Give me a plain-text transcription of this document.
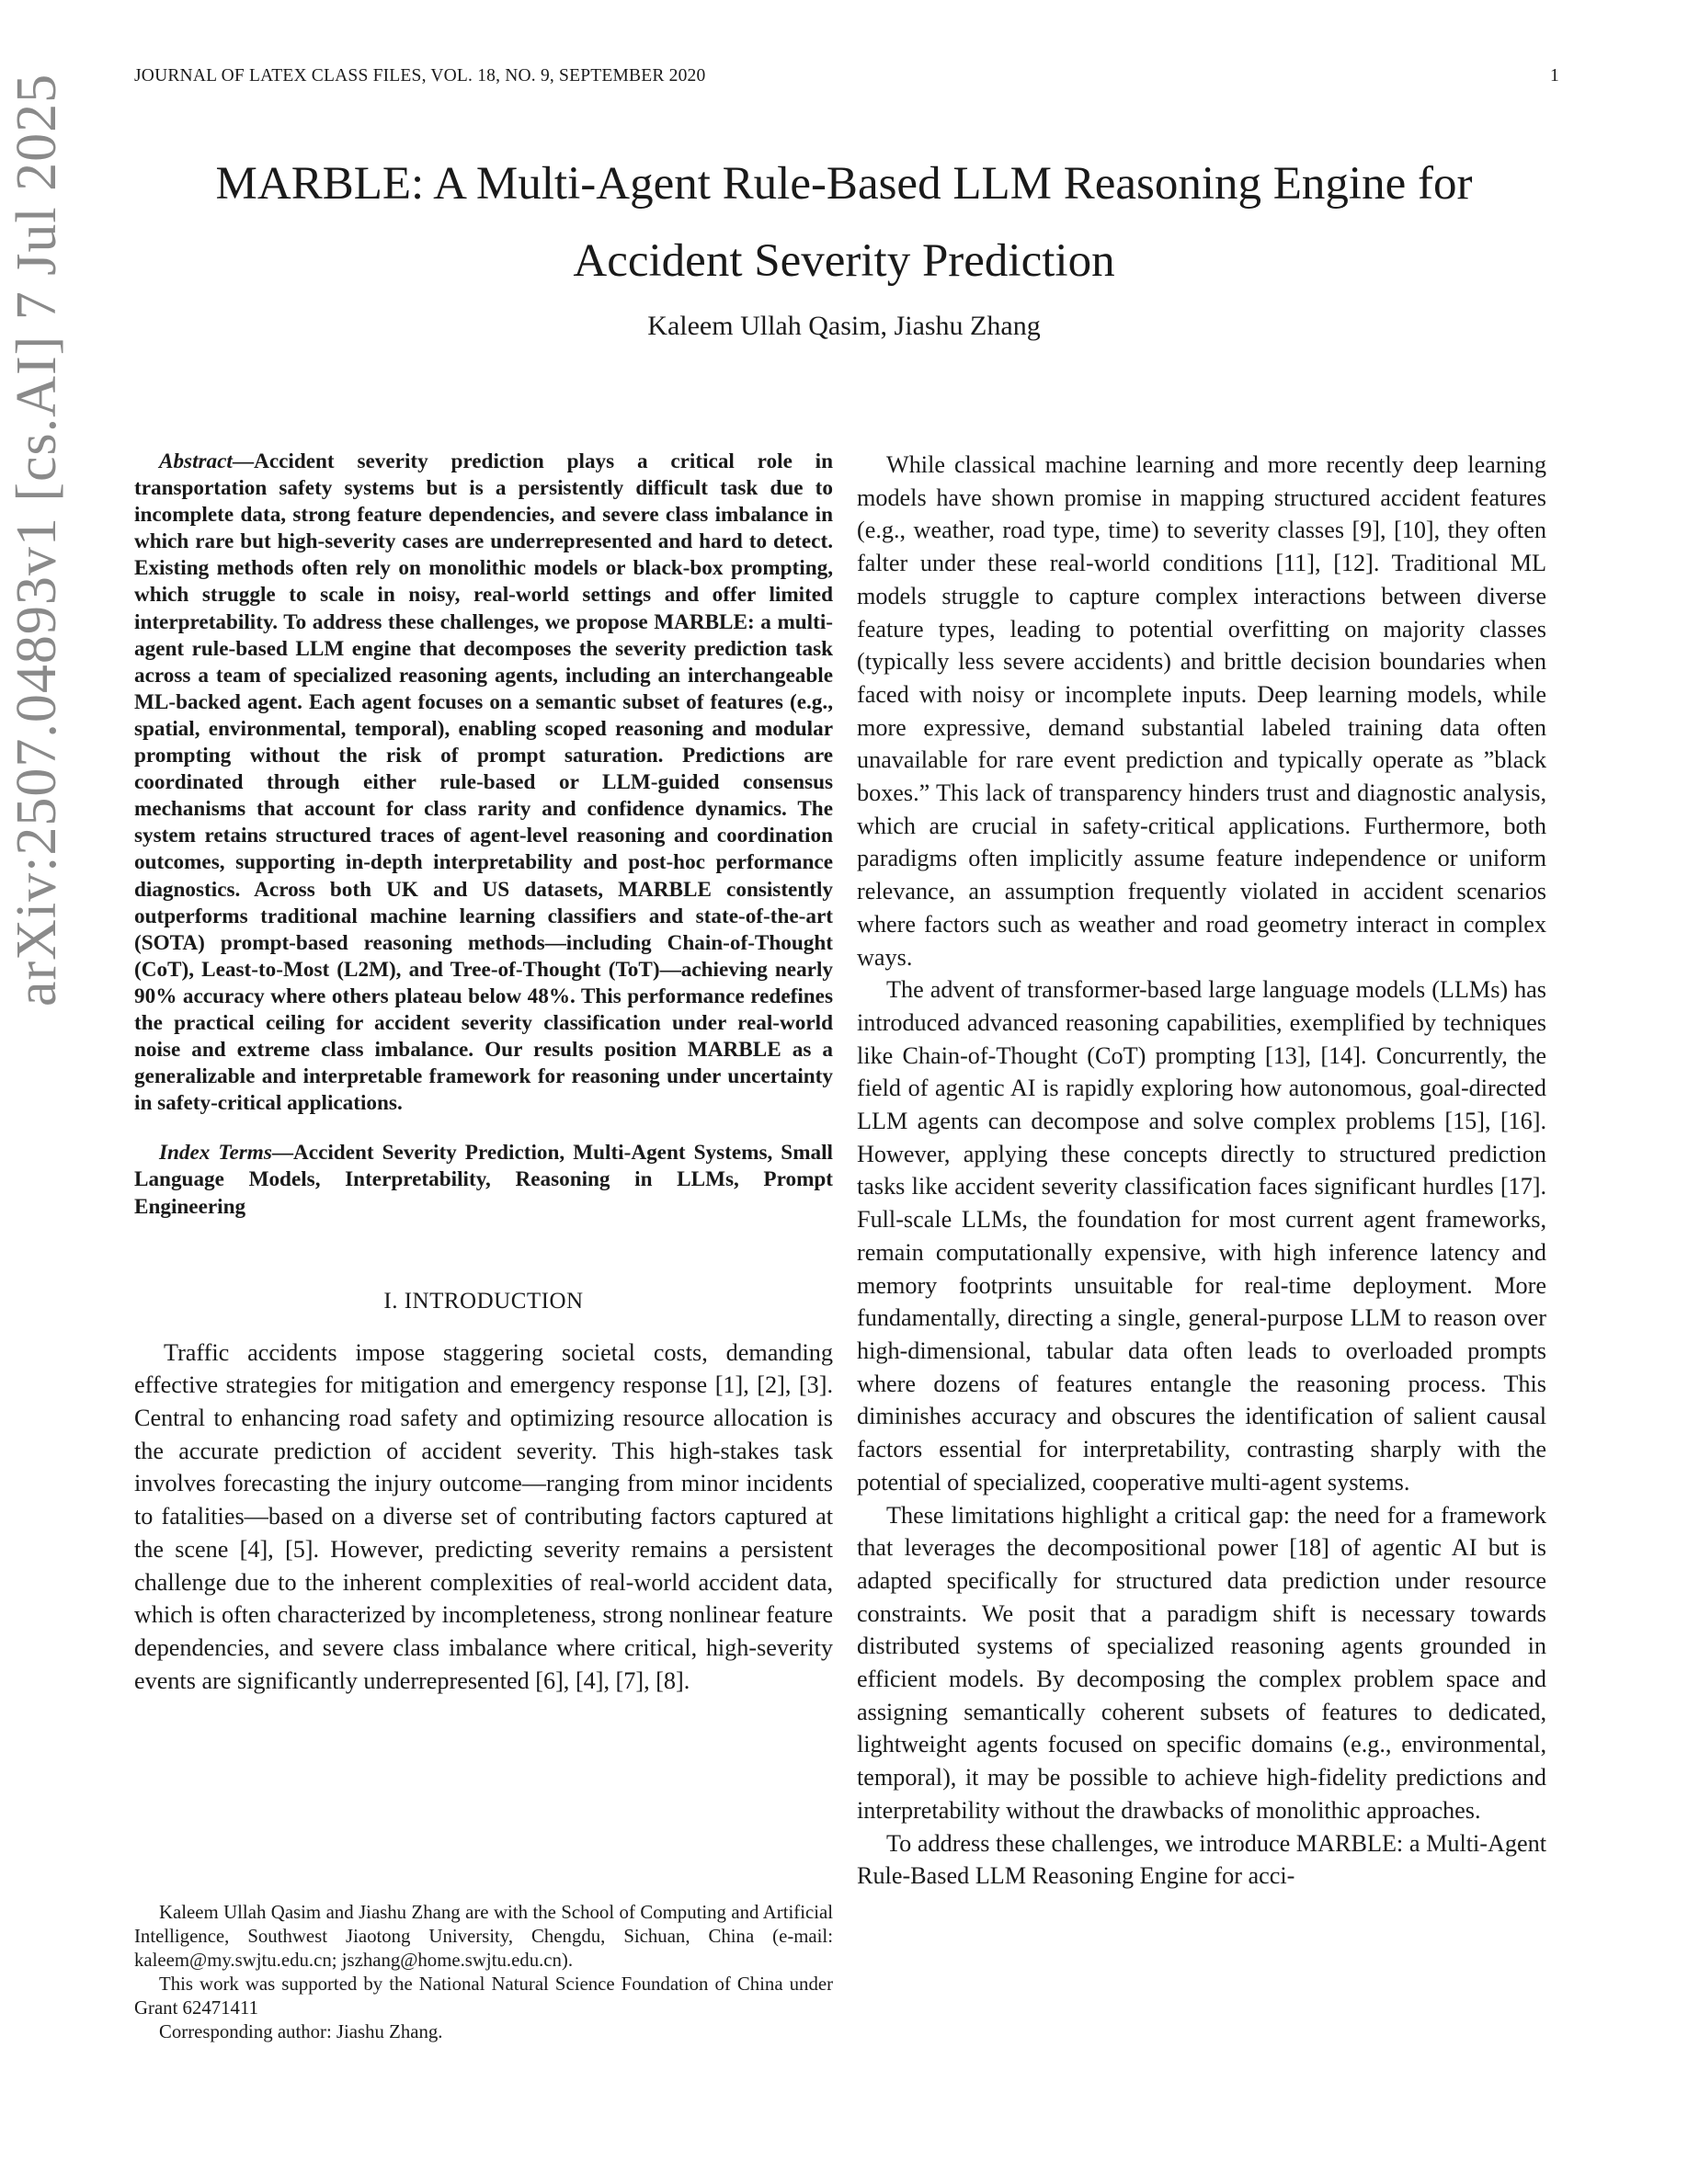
JOURNAL OF LATEX CLASS FILES, VOL. 18, NO. 9, SEPTEMBER 2020	1
MARBLE: A Multi-Agent Rule-Based LLM Reasoning Engine for Accident Severity Prediction
Kaleem Ullah Qasim, Jiashu Zhang
arXiv:2507.04893v1 [cs.AI] 7 Jul 2025	Abstract—Accident severity prediction plays a critical role in transportation safety systems but is a persistently difficult task due to incomplete data, strong feature dependencies, and severe class imbalance in which rare but high-severity cases are underrepresented and hard to detect. Existing methods often rely on monolithic models or black-box prompting, which struggle to scale in noisy, real-world settings and offer limited interpretability. To address these challenges, we propose MARBLE: a multi-agent rule-based LLM engine that decomposes the severity prediction task across a team of specialized reasoning agents, including an interchangeable ML-backed agent. Each agent focuses on a semantic subset of features (e.g., spatial, environmental, temporal), enabling scoped reasoning and modular prompting without the risk of prompt saturation. Predictions are coordinated through either rule-based or LLM-guided consensus mechanisms that account for class rarity and confidence dynamics. The system retains structured traces of agent-level reasoning and coordination outcomes, supporting in-depth interpretability and post-hoc performance diagnostics. Across both UK and US datasets, MARBLE consistently outperforms traditional machine learning classifiers and state-of-the-art (SOTA) prompt-based reasoning methods—including Chain-of-Thought (CoT), Least-to-Most (L2M), and Tree-of-Thought (ToT)—achieving nearly 90% accuracy where others plateau below 48%. This performance redefines the practical ceiling for accident severity classification under real-world noise and extreme class imbalance. Our results position MARBLE as a generalizable and interpretable framework for reasoning under uncertainty in safety-critical applications.

Index Terms—Accident Severity Prediction, Multi-Agent Systems, Small Language Models, Interpretability, Reasoning in LLMs, Prompt Engineering

I. INTRODUCTION

Traffic accidents impose staggering societal costs, demanding effective strategies for mitigation and emergency response [1], [2], [3]. Central to enhancing road safety and optimizing resource allocation is the accurate prediction of accident severity. This high-stakes task involves forecasting the injury outcome—ranging from minor incidents to fatalities—based on a diverse set of contributing factors captured at the scene [4], [5]. However, predicting severity remains a persistent challenge due to the inherent complexities of real-world accident data, which is often characterized by incompleteness, strong nonlinear feature dependencies, and severe class imbalance where critical, high-severity events are significantly underrepresented [6], [4], [7], [8].

Kaleem Ullah Qasim and Jiashu Zhang are with the School of Computing and Artificial Intelligence, Southwest Jiaotong University, Chengdu, Sichuan, China (e-mail: kaleem@my.swjtu.edu.cn; jszhang@home.swjtu.edu.cn).

This work was supported by the National Natural Science Foundation of China under Grant 62471411

Corresponding author: Jiashu Zhang.

While classical machine learning and more recently deep learning models have shown promise in mapping structured accident features (e.g., weather, road type, time) to severity classes [9], [10], they often falter under these real-world conditions [11], [12]. Traditional ML models struggle to capture complex interactions between diverse feature types, leading to potential overfitting on majority classes (typically less severe accidents) and brittle decision boundaries when faced with noisy or incomplete inputs. Deep learning models, while more expressive, demand substantial labeled training data often unavailable for rare event prediction and typically operate as ”black boxes.” This lack of transparency hinders trust and diagnostic analysis, which are crucial in safety-critical applications. Furthermore, both paradigms often implicitly assume feature independence or uniform relevance, an assumption frequently violated in accident scenarios where factors such as weather and road geometry interact in complex ways.

The advent of transformer-based large language models (LLMs) has introduced advanced reasoning capabilities, exemplified by techniques like Chain-of-Thought (CoT) prompting [13], [14]. Concurrently, the field of agentic AI is rapidly exploring how autonomous, goal-directed LLM agents can decompose and solve complex problems [15], [16]. However, applying these concepts directly to structured prediction tasks like accident severity classification faces significant hurdles [17]. Full-scale LLMs, the foundation for most current agent frameworks, remain computationally expensive, with high inference latency and memory footprints unsuitable for real-time deployment. More fundamentally, directing a single, general-purpose LLM to reason over high-dimensional, tabular data often leads to overloaded prompts where dozens of features entangle the reasoning process. This diminishes accuracy and obscures the identification of salient causal factors essential for interpretability, contrasting sharply with the potential of specialized, cooperative multi-agent systems.

These limitations highlight a critical gap: the need for a framework that leverages the decompositional power [18] of agentic AI but is adapted specifically for structured data prediction under resource constraints. We posit that a paradigm shift is necessary towards distributed systems of specialized reasoning agents grounded in efficient models. By decomposing the complex problem space and assigning semantically coherent subsets of features to dedicated, lightweight agents focused on specific domains (e.g., environmental, temporal), it may be possible to achieve high-fidelity predictions and interpretability without the drawbacks of monolithic approaches.

To address these challenges, we introduce MARBLE: a Multi-Agent Rule-Based LLM Reasoning Engine for acci-
